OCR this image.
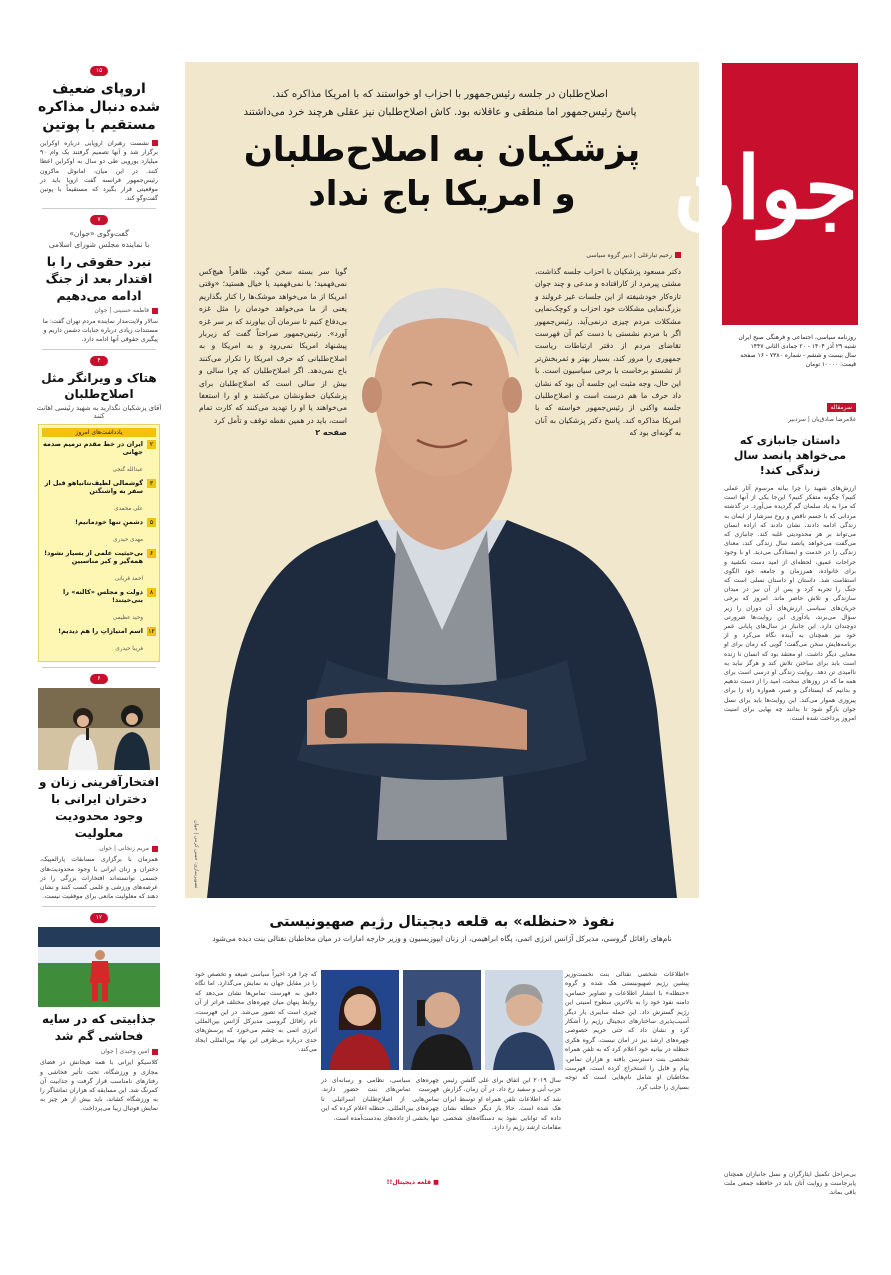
۱۵
اروپای ضعیف شده دنبال مذاکره مستقیم با پوتین
نشست رهبران اروپایی درباره اوکراین برگزار شد و آنها تصمیم گرفتند یک وام ۹۰ میلیارد یورویی طی دو سال به اوکراین اعطا کنند. در این میان، امانوئل ماکرون رئیس‌جمهور فرانسه گفت اروپا باید در موقعیتی قرار بگیرد که مستقیماً با پوتین گفت‌وگو کند.
۷
گفت‌وگوی «جوان»
با نماینده مجلس شورای اسلامی
نبرد حقوقی را با اقتدار بعد از جنگ ادامه می‌دهیم
فاطمه حسینی | جوان
سالار ولایت‌مدار نماینده مردم تهران گفت: ما مستندات زیادی درباره جنایات دشمن داریم و پیگیری حقوقی آنها ادامه دارد.
۴
هتاک و ویرانگر مثل اصلاح‌طلبان
آقای پزشکیان نگذارید به شهید رئیسی اهانت کنند
یادداشت‌های امروز
۲
ایران در خط مقدم ترمیم صدمه جهانی
عبدالله گنجی
۳
گوشمالی لطیف‌نتانیاهو قبل از سفر به واشنگتن
علی محمدی
۵
دشمنِ تنها خودمانیم!
مهدی حیدری
۶
بی‌حیثیت علمی از بسیار نشود! همه‌گیر و کبر مناسبین
احمد قربانی
۸
دولت و مجلس «کالنه» را بنی‌خیتند!
وحید عظیمی
۱۲
اسم امتیازاتِ را هم دیدیم!
فریبا حیدری
۶
افتخارآفرینی زنان و دختران ایرانی با وجود محدودیت معلولیت
مریم زنجانی | جوان
همزمان با برگزاری مسابقات پارالمپیک، دختران و زنان ایرانی با وجود محدودیت‌های جسمی توانسته‌اند افتخارات بزرگی را در عرصه‌های ورزشی و علمی کسب کنند و نشان دهند که معلولیت مانعی برای موفقیت نیست.
۱۲
جذابیتی که در سایه فحاشی گم شد
امین وحیدی | جوان
کلاسیکو ایرانی با همه هیجانش در فضای مجازی و ورزشگاه، تحت تأثیر فحاشی و رفتارهای نامناسب قرار گرفت و جذابیت آن کمرنگ شد. این مسابقه که هزاران تماشاگر را به ورزشگاه کشاند، باید بیش از هر چیز به نمایش فوتبال زیبا می‌پرداخت.
اصلاح‌طلبان در جلسه رئیس‌جمهور با احزاب او خواستند که با امریکا مذاکره کند.
پاسخ رئیس‌جمهور اما منطقی و عاقلانه بود. کاش اصلاح‌طلبان نیز عقلی هرچند خرد می‌داشتند
پزشکیان به اصلاح‌طلبان
و امریکا باج نداد
رحیم تبارعلی | دبیر گروه سیاسی
دکتر مسعود پزشکیان با احزاب جلسه گذاشت، مشتی پیرمرد از کارافتاده و مدعی و چند جوان تازه‌کار خودشیفته از این جلسات غیر غرولند و بزرگ‌نمایی مشکلات خود احزاب و کوچک‌نمایی مشکلات مردم چیزی درنمی‌آید. رئیس‌جمهور اگر با مردم نشستی با دست کم آن فهرست تقاضای مردم از دفتر ارتباطات ریاست جمهوری را مرور کند، بسیار بهتر و ثمربخش‌تر از تشستو برخاست با برخی سیاسیون است. با این حال، وجه مثبت این جلسه آن بود که نشان داد حرف ما هم درست است و اصلاح‌طلبان جلسه واکنی از رئیس‌جمهور خواسته که با امریکا مذاکره کند. پاسخ دکتر پزشکیان به آنان به گونه‌ای بود که
گویا سر بسته سخن گوید، ظاهراً هیچ‌کس نمی‌فهمید؛ با نمی‌فهمید یا خیال هستید؛ «وقتی امریکا از ما می‌خواهد موشک‌ها را کنار بگذاریم یعنی از ما می‌خواهد خودمان را مثل غزه بی‌دفاع کنیم تا سرمان آن بیاورند که بر سر غزه آورد». رئیس‌جمهور صراحتاً گفت که زیربار پیشنهاد امریکا نمی‌رود و به امریکا و به اصلاح‌طلبانی که حرف امریکا را تکرار می‌کنند باج نمی‌دهد. اگر اصلاح‌طلبان که چرا سالی و بیش از سالی است که اصلاح‌طلبان برای پزشکیان خط‌ونشان می‌کشند و او را استعفا می‌خواهند یا او را تهدید می‌کنند که کارت تمام است، باید در همین نقطه توقف و تأمل کرد
صفحه ۲
تصویرسازی: حسن کرمی | جوان
نفوذ «حنظله» به قلعه دیجیتال رژیم صهیونیستی
نام‌های رافائل گروسی، مدیرکل آژانس انرژی اتمی، پگاه ابراهیمی، از زنان ایپوزیسیون و وزیر خارجه امارات در میان مخاطبان نفتالی بنت دیده می‌شود
که چرا فرد اخیراً سیاسی صیغه و تخصص خود را در مقابل جهان به نمایش می‌گذارد. اما نگاه دقیق به فهرست تماس‌ها نشان می‌دهد که روابط پنهان میان چهره‌های مختلف فراتر از آن چیزی است که تصور می‌شد. در این فهرست، نام رافائل گروسی مدیرکل آژانس بین‌المللی انرژی اتمی به چشم می‌خورد که پرسش‌های جدی درباره بی‌طرفی این نهاد بین‌المللی ایجاد می‌کند.
چهره‌های سیاسی، نظامی و رسانه‌ای در فهرست تماس‌های بنت حضور دارند. تماس‌هایی از اصلاح‌طلبان اسرائیلی تا چهره‌های بین‌المللی. حنظله اعلام کرده که این تنها بخشی از داده‌های به‌دست‌آمده است.
■ قلعه دیجیتال!!
سال ۲۰۱۹ این اتفاق برای علی گلشن رئیس حزب آبی و سفید رخ داد. در آن زمان، گزارش شد که اطلاعات تلفن همراه او توسط ایران هک شده است. حالا بار دیگر حنظله نشان داده که توانایی نفوذ به دستگاه‌های شخصی مقامات ارشد رژیم را دارد.
«اطلاعات شخصی نفتالی بنت نخست‌وزیر پیشین رژیم صهیونیستی هک شده و گروه «حنظله» با انتشار اطلاعات و تصاویر حساس، دامنه نفوذ خود را به بالاترین سطوح امنیتی این رژیم گسترش داد. این حمله سایبری بار دیگر آسیب‌پذیری ساختارهای دیجیتال رژیم را آشکار کرد و نشان داد که حتی حریم خصوصی چهره‌های ارشد نیز در امان نیست. گروه هکری حنظله در بیانیه خود اعلام کرد که به تلفن همراه شخصی بنت دسترسی یافته و هزاران تماس، پیام و فایل را استخراج کرده است. فهرست مخاطبان او شامل نام‌هایی است که توجه بسیاری را جلب کرد.
جوان
روزنامه سیاسی، اجتماعی و فرهنگی صبح ایران
شنبه ۲۹ آذر ۱۴۰۴ - ۲۰ جمادی الثانی ۱۴۴۷
سال بیست و ششم - شماره ۷۳۸۰ - ۱۶ صفحه
قیمت: ۱۰۰۰۰ تومان
سرمقاله
غلامرضا صادق‌یان | سردبیر
داستان جانبازی که می‌خواهد پانصد سال زندگی کند!
ارزش‌های شهید را چرا بیانه مرسوم آثار عملی کنیم؟ چگونه متفکر کنیم؟ این‌جا یکی از آنها است که مرا به یاد سلمان گم گردیده می‌آورد. در گذشته مردانی که با جسم ناقص و روح سرشار از ایمان به زندگی ادامه دادند، نشان دادند که اراده انسان می‌تواند بر هر محدودیتی غلبه کند. جانبازی که می‌گفت می‌خواهد پانصد سال زندگی کند، معنای زندگی را در خدمت و ایستادگی می‌دید. او با وجود جراحات عمیق، لحظه‌ای از امید دست نکشید و برای خانواده، همرزمان و جامعه خود الگوی استقامت شد. داستان او داستان نسلی است که جنگ را تجربه کرد و پس از آن نیز در میدان سازندگی و تلاش حاضر ماند. امروز که برخی جریان‌های سیاسی ارزش‌های آن دوران را زیر سؤال می‌برند، یادآوری این روایت‌ها ضرورتی دوچندان دارد. این جانباز در سال‌های پایانی عمر خود نیز همچنان به آینده نگاه می‌کرد و از برنامه‌هایش سخن می‌گفت؛ گویی که زمان برای او معنایی دیگر داشت. او معتقد بود که انسان تا زنده است باید برای ساختن تلاش کند و هرگز نباید به ناامیدی تن دهد. روایت زندگی او درسی است برای همه ما که در روزهای سخت، امید را از دست ندهیم و بدانیم که ایستادگی و صبر، همواره راه را برای پیروزی هموار می‌کند. این روایت‌ها باید برای نسل جوان بازگو شود تا بدانند چه بهایی برای امنیت امروز پرداخت شده است.
بی‌مراحل تکمیل ایثارگران و نسل جانبازان همچنان پابرجاست و روایت آنان باید در حافظه جمعی ملت باقی بماند.
